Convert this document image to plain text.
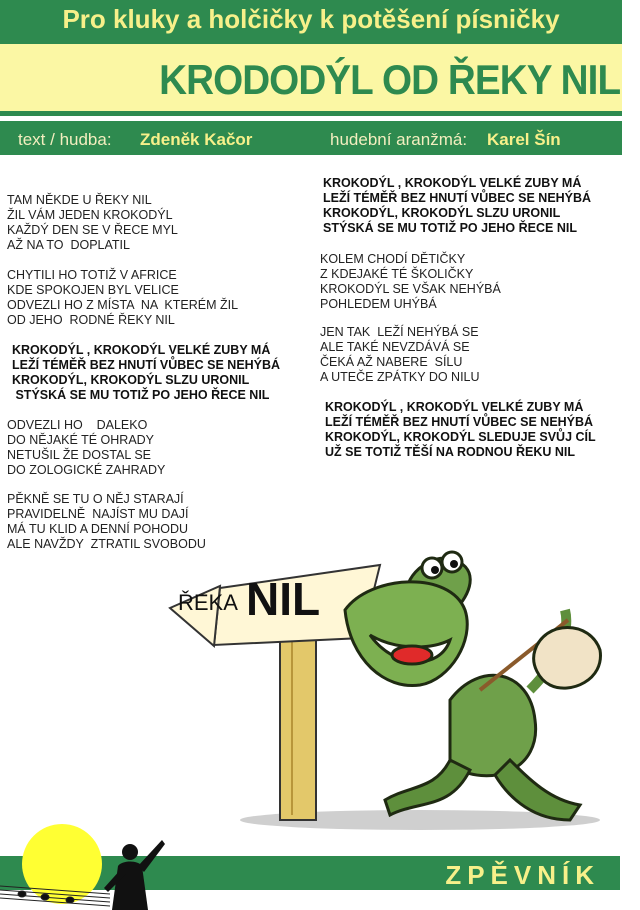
Pro kluky a holčičky k potěšení písničky
KRODODÝL OD ŘEKY NIL
text / hudba: Zdeněk Kačor	hudební aranžmá: Karel Šín
TAM NĚKDE U ŘEKY NIL
ŽIL VÁM JEDEN KROKODÝL
KAŽDÝ DEN SE V ŘECE MYL
AŽ NA TO  DOPLATIL
CHYTILI HO TOTIŽ V AFRICE
KDE SPOKOJEN BYL VELICE
ODVEZLI HO Z MÍSTA  NA  KTERÉM ŽIL
OD JEHO  RODNÉ ŘEKY NIL
KROKODÝL , KROKODÝL VELKÉ ZUBY MÁ
LEŽÍ TÉMĚŘ BEZ HNUTÍ VŮBEC SE NEHÝBÁ
KROKODÝL, KROKODÝL SLZU URONIL
STÝSKÁ SE MU TOTIŽ PO JEHO ŘECE NIL
ODVEZLI HO    DALEKO
DO NĚJAKÉ TÉ OHRADY
NETUŠIL ŽE DOSTAL SE
DO ZOLOGICKÉ ZAHRADY
PĚKNĚ SE TU O NĚJ STARAJÍ
PRAVIDELNĚ  NAJÍST MU DAJÍ
MÁ TU KLID A DENNÍ POHODU
ALE NAVŽDY  ZTRATIL SVOBODU
KROKODÝL , KROKODÝL VELKÉ ZUBY MÁ
LEŽÍ TÉMĚŘ BEZ HNUTÍ VŮBEC SE NEHÝBÁ
KROKODÝL, KROKODÝL SLZU URONIL
STÝSKÁ SE MU TOTIŽ PO JEHO ŘECE NIL
KOLEM CHODÍ DĚTIČKY
Z KDEJAKÉ TÉ ŠKOLIČKY
KROKODÝL SE VŠAK NEHÝBÁ
POHLEDEM UHÝBÁ
JEN TAK  LEŽÍ NEHÝBÁ SE
ALE TAKÉ NEVZDÁVÁ SE
ČEKÁ AŽ NABERE  SÍLU
A UTEČE ZPÁTKY DO NILU
KROKODÝL , KROKODÝL VELKÉ ZUBY MÁ
LEŽÍ TÉMĚŘ BEZ HNUTÍ VŮBEC SE NEHÝBÁ
KROKODÝL, KROKODÝL SLEDUJE SVŮJ CÍL
UŽ SE TOTIŽ TĚŠÍ NA RODNOU ŘEKU NIL
ŘEKA NIL
ZPĚVNÍK
